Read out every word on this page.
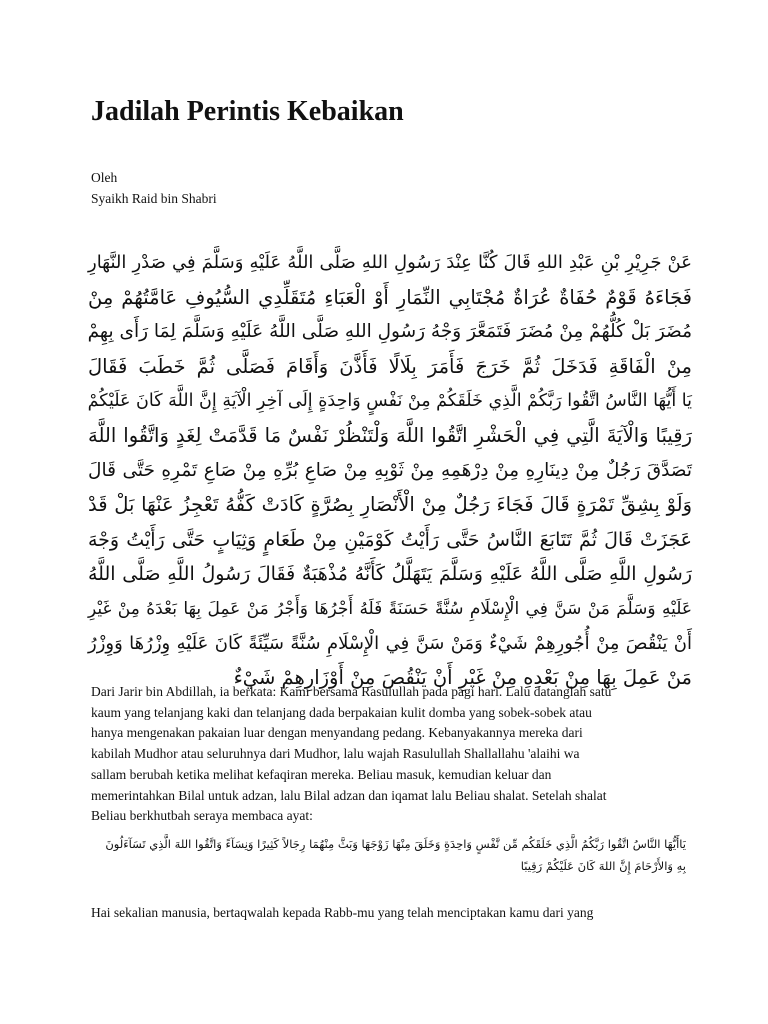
Jadilah Perintis Kebaikan
Oleh
Syaikh Raid bin Shabri
عَنْ جَرِيْرِ بْنِ عَبْدِ اللهِ قَالَ كُنَّا عِنْدَ رَسُولِ اللهِ صَلَّى اللَّهُ عَلَيْهِ وَسَلَّمَ فِي صَدْرِ النَّهَارِ
فَجَاءَهُ قَوْمٌ حُفَاةٌ عُرَاةٌ مُجْتَابِي النِّمَارِ أَوْ الْعَبَاءِ مُتَقَلِّدِي السُّيُوفِ عَامَّتُهُمْ مِنْ
مُضَرَ بَلْ كُلُّهُمْ مِنْ مُضَرَ فَتَمَعَّرَ وَجْهُ رَسُولِ اللهِ صَلَّى اللَّهُ عَلَيْهِ وَسَلَّمَ لِمَا رَأَى بِهِمْ
مِنْ الْفَاقَةِ فَدَخَلَ ثُمَّ خَرَجَ فَأَمَرَ بِلَالًا فَأَذَّنَ وَأَقَامَ فَصَلَّى ثُمَّ خَطَبَ فَقَالَ
يَا أَيُّهَا النَّاسُ اتَّقُوا رَبَّكُمْ الَّذِي خَلَقَكُمْ مِنْ نَفْسٍ وَاحِدَةٍ إِلَى آخِرِ الْآيَةِ إِنَّ اللَّهَ كَانَ عَلَيْكُمْ
رَقِيبًا وَالْآيَةَ الَّتِي فِي الْحَشْرِ اتَّقُوا اللَّهَ وَلْتَنْظُرْ نَفْسٌ مَا قَدَّمَتْ لِغَدٍ وَاتَّقُوا اللَّهَ
تَصَدَّقَ رَجُلٌ مِنْ دِينَارِهِ مِنْ دِرْهَمِهِ مِنْ ثَوْبِهِ مِنْ صَاعِ بُرِّهِ مِنْ صَاعِ تَمْرِهِ حَتَّى قَالَ
وَلَوْ بِشِقِّ تَمْرَةٍ قَالَ فَجَاءَ رَجُلٌ مِنْ الْأَنْصَارِ بِصُرَّةٍ كَادَتْ كَفُّهُ تَعْجِزُ عَنْهَا بَلْ قَدْ
عَجَزَتْ قَالَ ثُمَّ تَتَابَعَ النَّاسُ حَتَّى رَأَيْتُ كَوْمَيْنِ مِنْ طَعَامٍ وَثِيَابٍ حَتَّى رَأَيْتُ وَجْهَ
رَسُولِ اللَّهِ صَلَّى اللَّهُ عَلَيْهِ وَسَلَّمَ يَتَهَلَّلُ كَأَنَّهُ مُذْهَبَةٌ فَقَالَ رَسُولُ اللَّهِ صَلَّى اللَّهُ
عَلَيْهِ وَسَلَّمَ مَنْ سَنَّ فِي الْإِسْلَامِ سُنَّةً حَسَنَةً فَلَهُ أَجْرُهَا وَأَجْرُ مَنْ عَمِلَ بِهَا بَعْدَهُ مِنْ غَيْرِ
أَنْ يَنْقُصَ مِنْ أُجُورِهِمْ شَيْءٌ وَمَنْ سَنَّ فِي الْإِسْلَامِ سُنَّةً سَيِّئَةً كَانَ عَلَيْهِ وِزْرُهَا وَوِزْرُ
مَنْ عَمِلَ بِهَا مِنْ بَعْدِهِ مِنْ غَيْرِ أَنْ يَنْقُصَ مِنْ أَوْزَارِهِمْ شَيْءٌ
Dari Jarir bin Abdillah, ia berkata: Kami bersama Rasulullah pada pagi hari. Lalu datanglah satu
kaum yang telanjang kaki dan telanjang dada berpakaian kulit domba yang sobek-sobek atau
hanya mengenakan pakaian luar dengan menyandang pedang. Kebanyakannya mereka dari
kabilah Mudhor atau seluruhnya dari Mudhor, lalu wajah Rasulullah Shallallahu 'alaihi wa
sallam berubah ketika melihat kefaqiran mereka. Beliau masuk, kemudian keluar dan
memerintahkan Bilal untuk adzan, lalu Bilal adzan dan iqamat lalu Beliau shalat. Setelah shalat
Beliau berkhutbah seraya membaca ayat:
يَاأَيُّهَا النَّاسُ اتَّقُوا رَبَّكُمُ الَّذِي خَلَقَكُم مِّن نَّفْسٍ وَاحِدَةٍ وَخَلَقَ مِنْهَا زَوْجَهَا وَبَثَّ مِنْهُمَا رِجَالاً كَثِيرًا وَنِسَآءً وَاتَّقُوا اللهَ الَّذِي تَسَآءَلُونَ
بِهِ وَالأَرْحَامَ إِنَّ اللهَ كَانَ عَلَيْكُمْ رَقِيبًا
Hai sekalian manusia, bertaqwalah kepada Rabb-mu yang telah menciptakan kamu dari yang
